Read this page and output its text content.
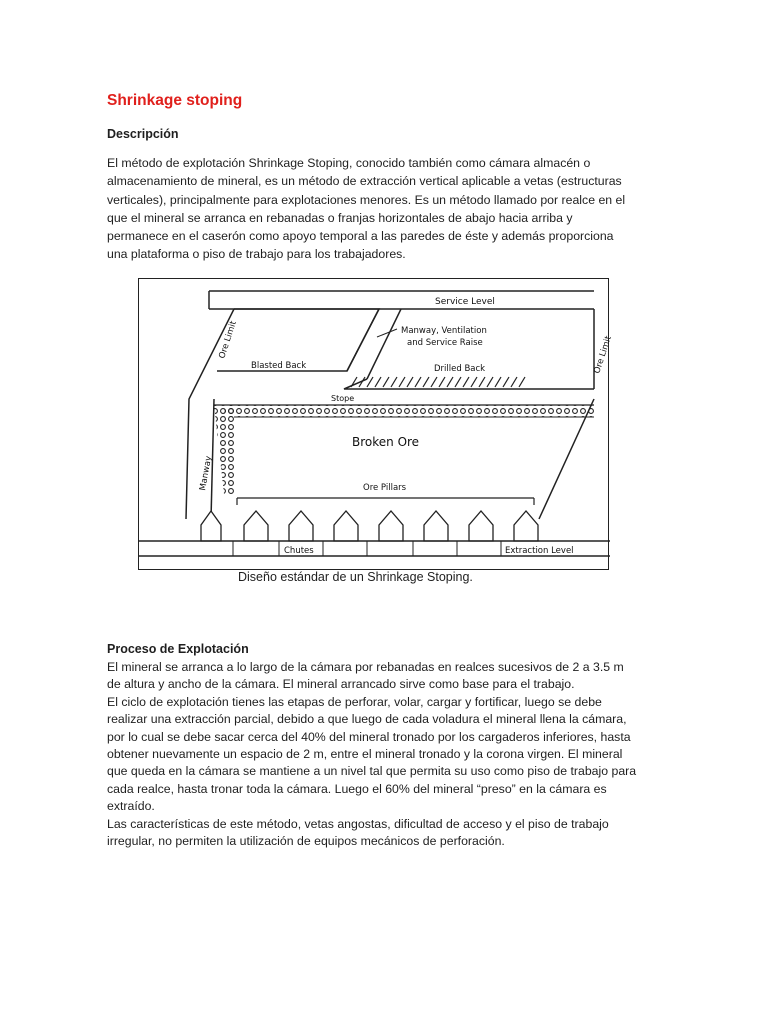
Shrinkage stoping
Descripción

El método de explotación Shrinkage Stoping, conocido también como cámara almacén o

almacenamiento de mineral, es un método de extracción vertical aplicable a vetas (estructuras

verticales), principalmente para explotaciones menores. Es un método llamado por realce en el

que el mineral se arranca en rebanadas o franjas horizontales de abajo hacia arriba y

permanece en el caserón como apoyo temporal a las paredes de éste y además proporciona

una plataforma o piso de trabajo para los trabajadores.

Service Level
Ore Limit
Manway
Blasted Back
Manway, Ventilation
and Service Raise
Drilled Back	Ore Limit
Stope
Broken Ore
Ore Pillars
Chutes	Extraction Level
Diseño estándar de un Shrinkage Stoping.
Proceso de Explotación

El mineral se arranca a lo largo de la cámara por rebanadas en realces sucesivos de 2 a 3.5 m

de altura y ancho de la cámara. El mineral arrancado sirve como base para el trabajo.

El ciclo de explotación tienes las etapas de perforar, volar, cargar y fortificar, luego se debe

realizar una extracción parcial, debido a que luego de cada voladura el mineral llena la cámara,

por lo cual se debe sacar cerca del 40% del mineral tronado por los cargaderos inferiores, hasta

obtener nuevamente un espacio de 2 m, entre el mineral tronado y la corona virgen. El mineral

que queda en la cámara se mantiene a un nivel tal que permita su uso como piso de trabajo para

cada realce, hasta tronar toda la cámara. Luego el 60% del mineral “preso” en la cámara es

extraído.

Las características de este método, vetas angostas, dificultad de acceso y el piso de trabajo

irregular, no permiten la utilización de equipos mecánicos de perforación.
